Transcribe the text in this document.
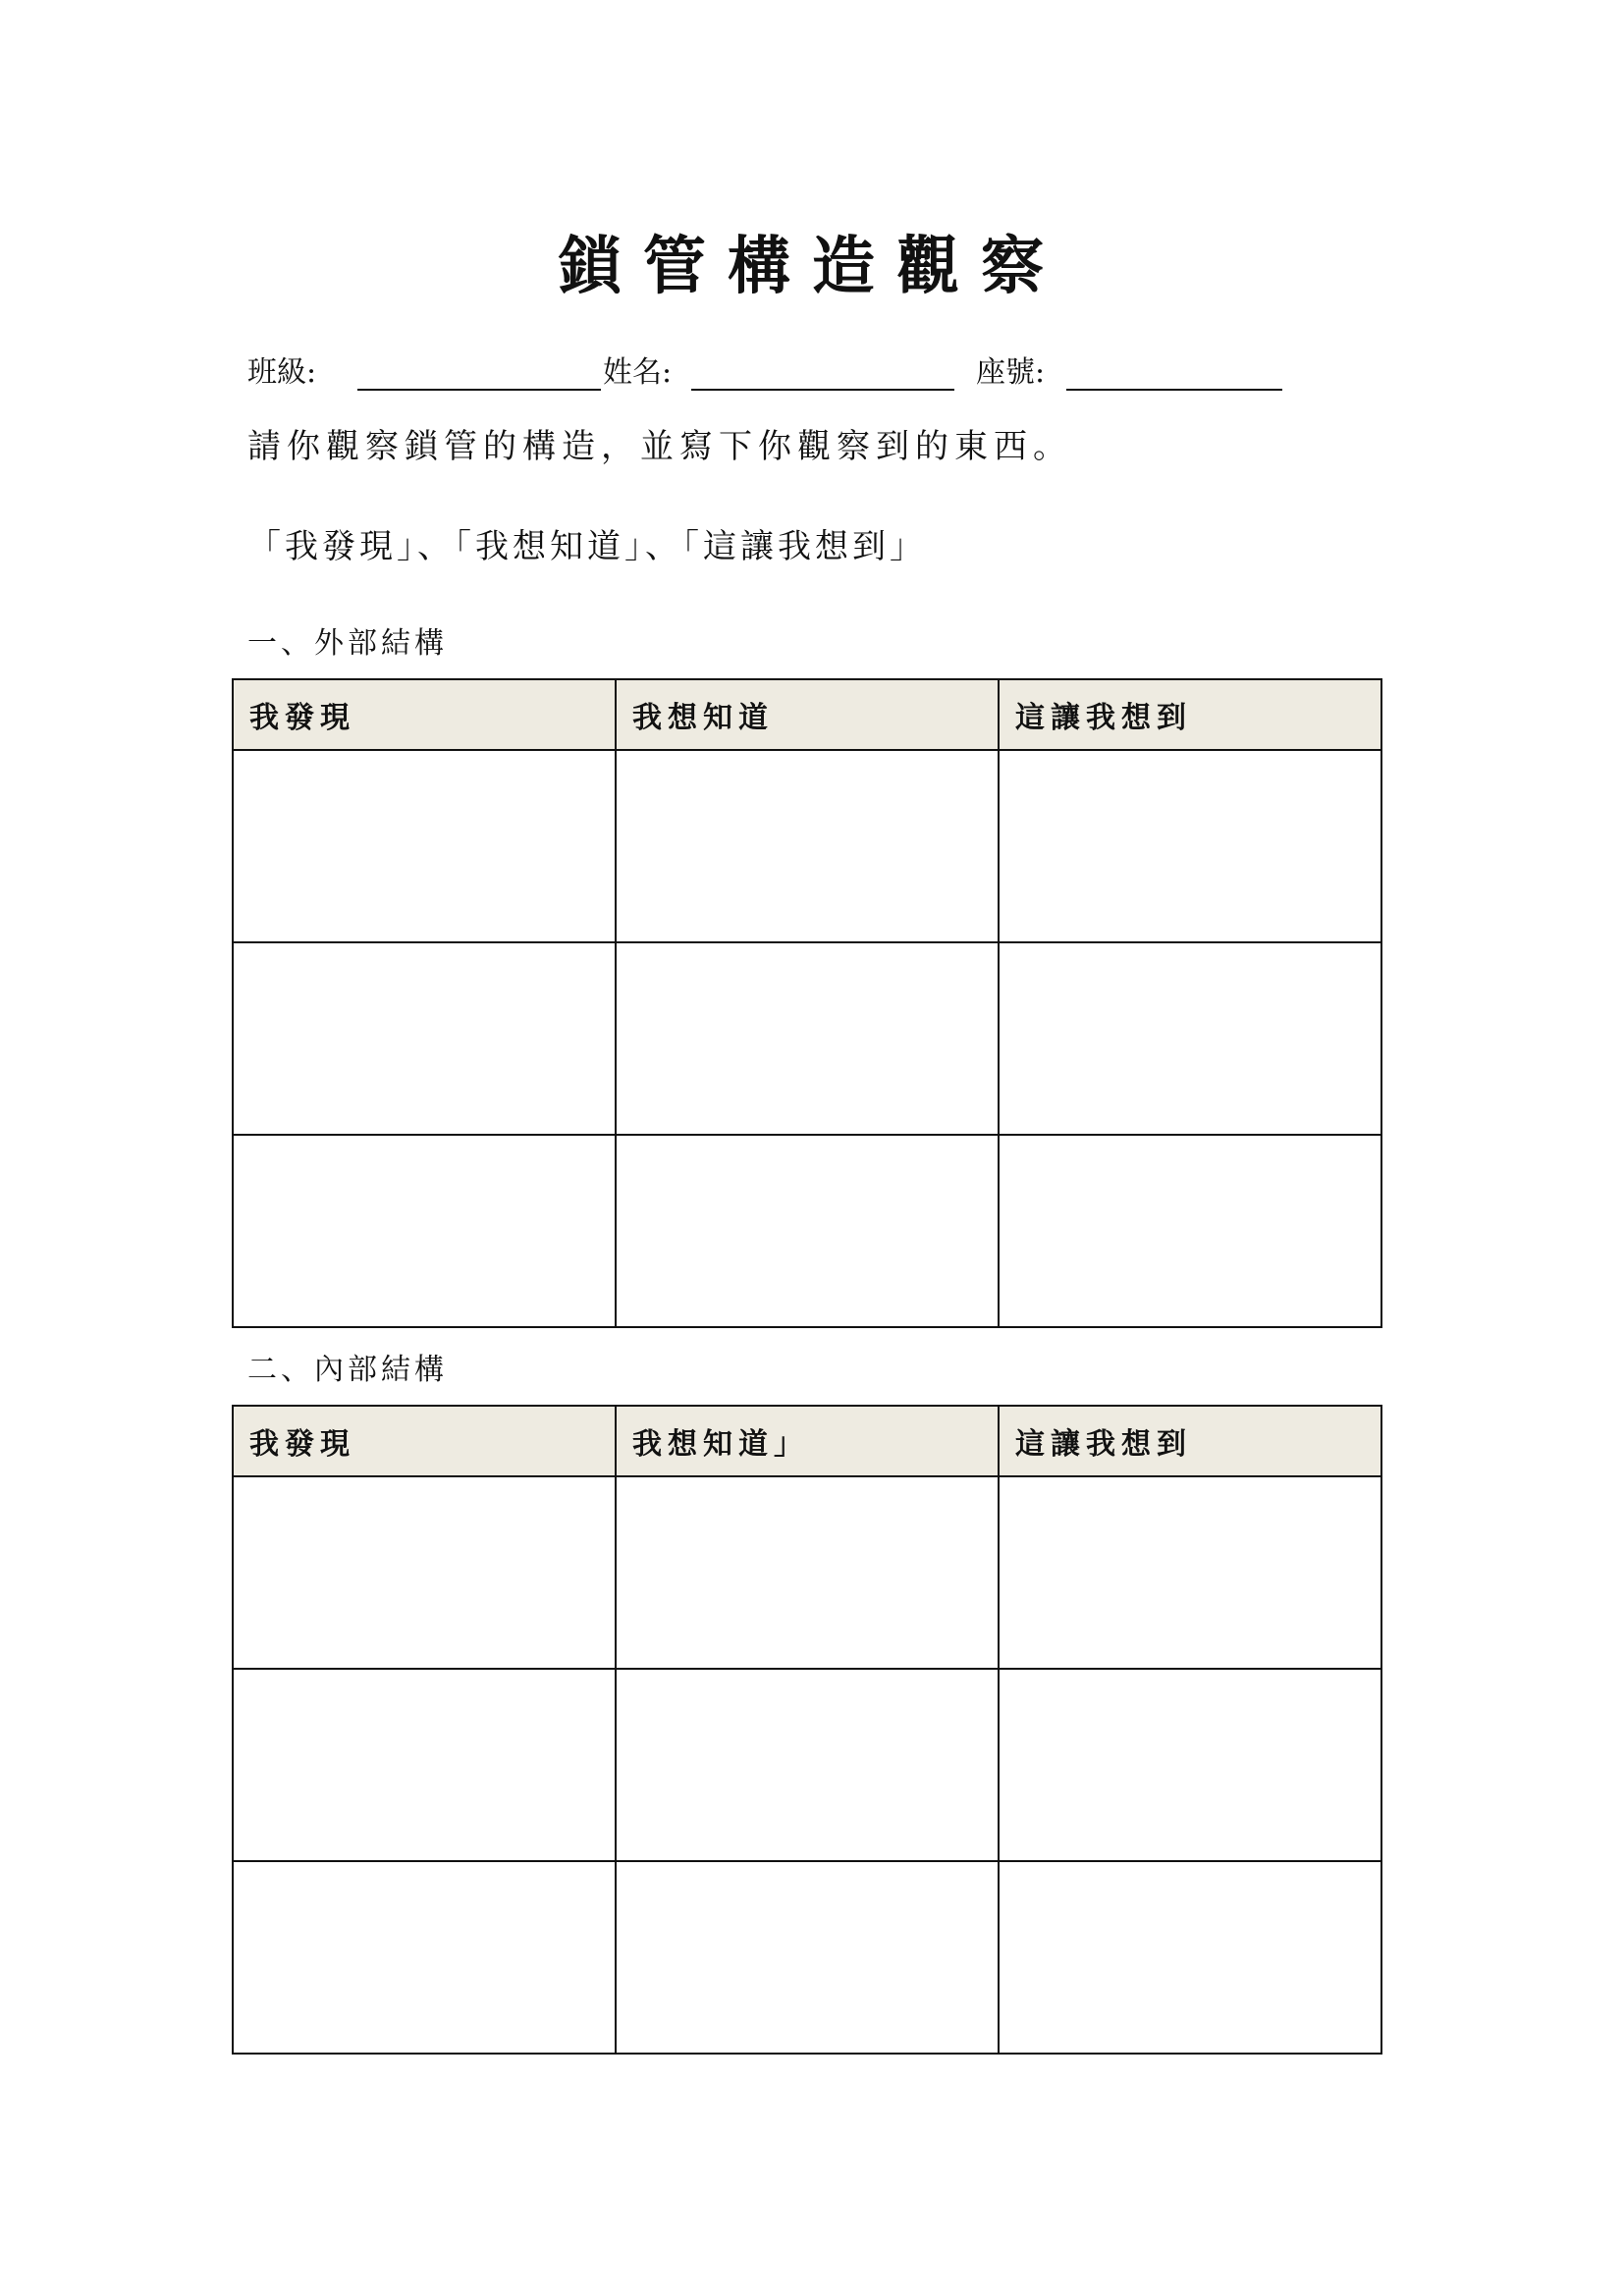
鎖管構造觀察
班級:	姓名:	座號:
請你觀察鎖管的構造，並寫下你觀察到的東西。
「我發現」、「我想知道」、「這讓我想到」
一、外部結構
我發現	我想知道	這讓我想到

二、內部結構
我發現	我想知道」	這讓我想到
